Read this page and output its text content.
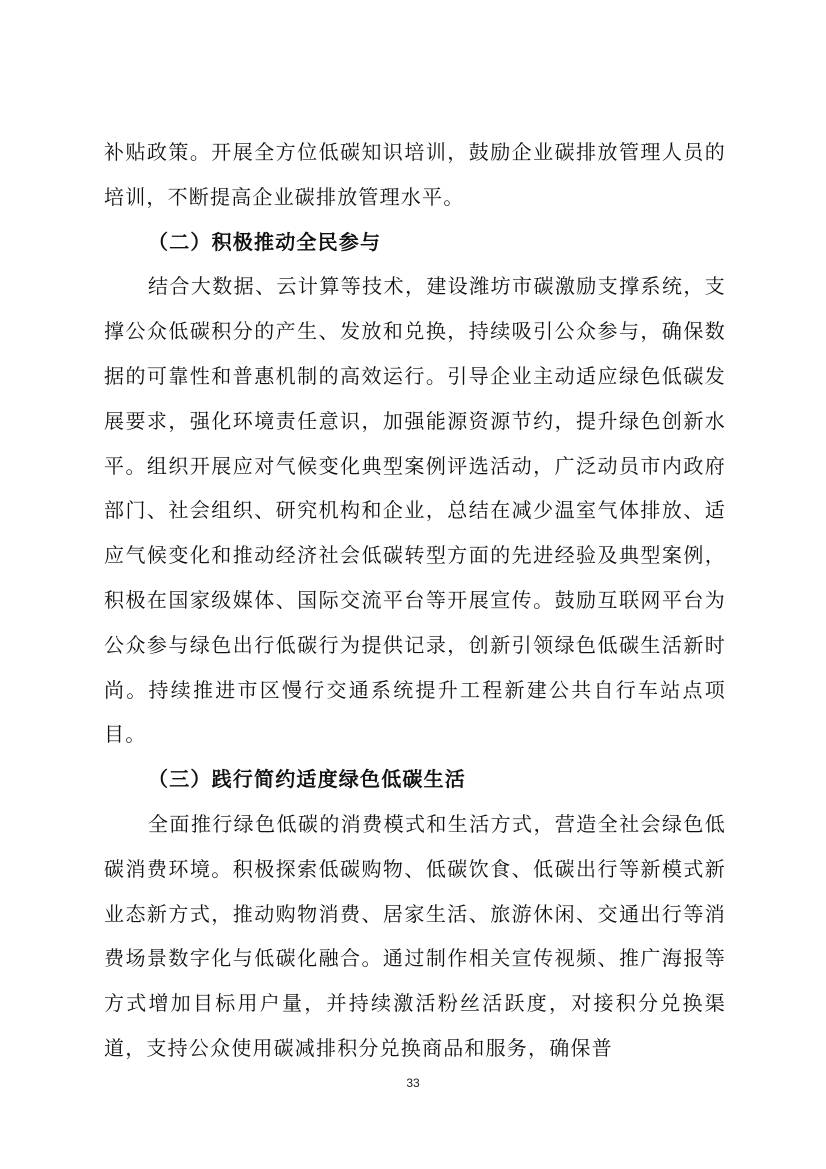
补贴政策。开展全方位低碳知识培训，鼓励企业碳排放管理人员的培训，不断提高企业碳排放管理水平。

（二）积极推动全民参与

结合大数据、云计算等技术，建设潍坊市碳激励支撑系统，支撑公众低碳积分的产生、发放和兑换，持续吸引公众参与，确保数据的可靠性和普惠机制的高效运行。引导企业主动适应绿色低碳发展要求，强化环境责任意识，加强能源资源节约，提升绿色创新水平。组织开展应对气候变化典型案例评选活动，广泛动员市内政府部门、社会组织、研究机构和企业，总结在减少温室气体排放、适应气候变化和推动经济社会低碳转型方面的先进经验及典型案例，积极在国家级媒体、国际交流平台等开展宣传。鼓励互联网平台为公众参与绿色出行低碳行为提供记录，创新引领绿色低碳生活新时尚。持续推进市区慢行交通系统提升工程新建公共自行车站点项目。

（三）践行简约适度绿色低碳生活

全面推行绿色低碳的消费模式和生活方式，营造全社会绿色低碳消费环境。积极探索低碳购物、低碳饮食、低碳出行等新模式新业态新方式，推动购物消费、居家生活、旅游休闲、交通出行等消费场景数字化与低碳化融合。通过制作相关宣传视频、推广海报等方式增加目标用户量，并持续激活粉丝活跃度，对接积分兑换渠道，支持公众使用碳减排积分兑换商品和服务，确保普

33
